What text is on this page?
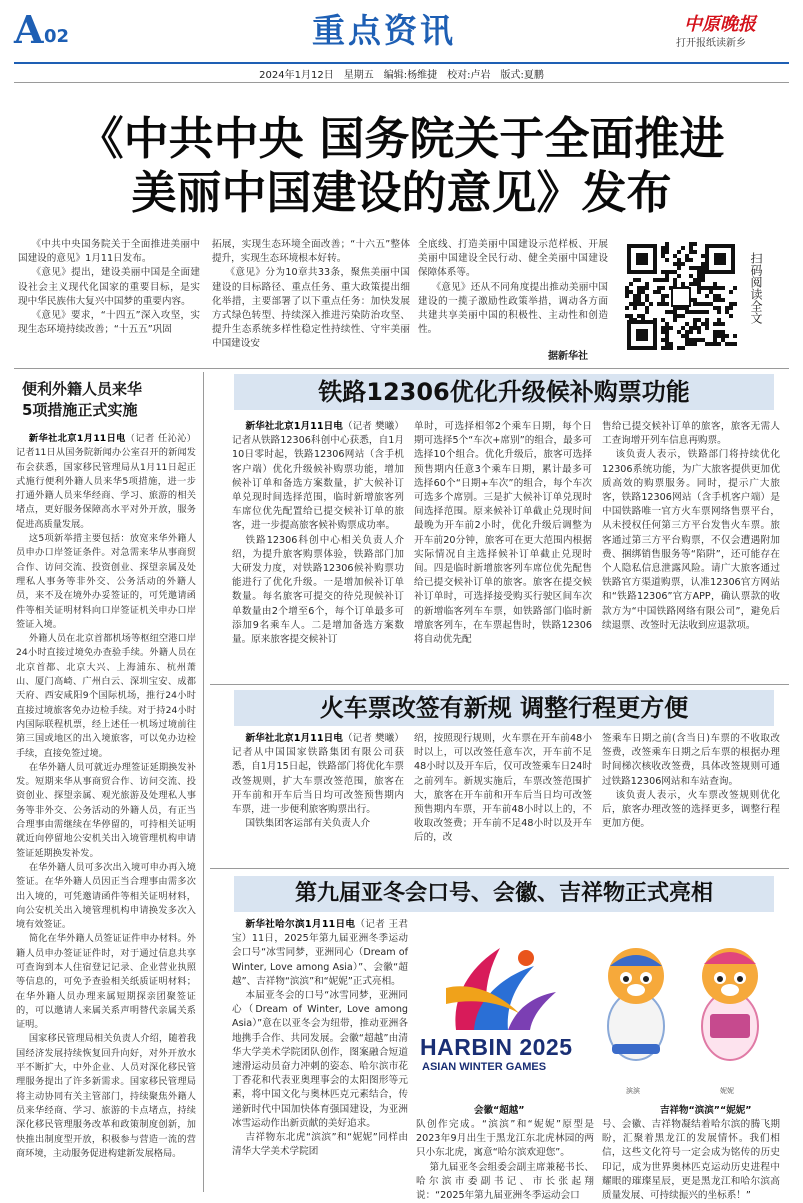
A 02	重点资讯	中原晚报
打开报纸读新乡
2024年1月12日　星期五　编辑:杨维捷　校对:卢岩　版式:夏鹏
《中共中央 国务院关于全面推进
美丽中国建设的意见》发布

《中共中央国务院关于全面推进美丽中国建设的意见》1月11日发布。

《意见》提出，建设美丽中国是全面建设社会主义现代化国家的重要目标，是实现中华民族伟大复兴中国梦的重要内容。

《意见》要求，“十四五”深入攻坚，实现生态环境持续改善；“十五五”巩固

拓展，实现生态环境全面改善；“十六五”整体提升，实现生态环境根本好转。

《意见》分为10章共33条，聚焦美丽中国建设的目标路径、重点任务、重大政策提出细化举措，主要部署了以下重点任务：加快发展方式绿色转型、持续深入推进污染防治攻坚、提升生态系统多样性稳定性持续性、守牢美丽中国建设安

全底线、打造美丽中国建设示范样板、开展美丽中国建设全民行动、健全美丽中国建设保障体系等。

《意见》还从不同角度提出推动美丽中国建设的一揽子激励性政策举措，调动各方面共建共享美丽中国的积极性、主动性和创造性。

据新华社
扫码阅读全文
便利外籍人员来华
5项措施正式实施

新华社北京1月11日电（记者 任沁沁）记者11日从国务院新闻办公室召开的新闻发布会获悉，国家移民管理局从1月11日起正式施行便利外籍人员来华5项措施，进一步打通外籍人员来华经商、学习、旅游的相关堵点，更好服务保障高水平对外开放，服务促进高质量发展。

这5项新举措主要包括：放宽来华外籍人员申办口岸签证条件。对急需来华从事商贸合作、访问交流、投资创业、探望亲属及处理私人事务等非外交、公务活动的外籍人员，来不及在境外办妥签证的，可凭邀请函件等相关证明材料向口岸签证机关申办口岸签证入境。

外籍人员在北京首都机场等枢纽空港口岸24小时直接过境免办查验手续。外籍人员在北京首都、北京大兴、上海浦东、杭州萧山、厦门高崎、广州白云、深圳宝安、成都天府、西安咸阳9个国际机场，推行24小时直接过境旅客免办边检手续。对于持24小时内国际联程机票，经上述任一机场过境前往第三国或地区的出入境旅客，可以免办边检手续，直接免签过境。

在华外籍人员可就近办理签证延期换发补发。短期来华从事商贸合作、访问交流、投资创业、探望亲属、观光旅游及处理私人事务等非外交、公务活动的外籍人员，有正当合理事由需继续在华停留的，可持相关证明就近向停留地公安机关出入境管理机构申请签证延期换发补发。

在华外籍人员可多次出入境可申办再入境签证。在华外籍人员因正当合理事由需多次出入境的，可凭邀请函件等相关证明材料，向公安机关出入境管理机构申请换发多次入境有效签证。

简化在华外籍人员签证证件申办材料。外籍人员申办签证证件时，对于通过信息共享可查询到本人住宿登记记录、企业营业执照等信息的，可免予查验相关纸质证明材料；在华外籍人员办理来属短期探亲团聚签证的，可以邀请人来属关系声明替代亲属关系证明。

国家移民管理局相关负责人介绍，随着我国经济发展持续恢复回升向好，对外开放水平不断扩大，中外企业、人员对深化移民管理服务提出了许多新需求。国家移民管理局将主动协同有关主管部门，持续聚焦外籍人员来华经商、学习、旅游的卡点堵点，持续深化移民管理服务改革和政策制度创新，加快推出制度型开放，积极参与营造一流的营商环境，主动服务促进构建新发展格局。

铁路12306优化升级候补购票功能

新华社北京1月11日电（记者 樊曦）记者从铁路12306科创中心获悉，自1月10日零时起，铁路12306网站（含手机客户端）优化升级候补购票功能，增加候补订单和备选方案数量，扩大候补订单兑现时间选择范围，临时新增旅客列车席位优先配置给已提交候补订单的旅客，进一步提高旅客候补购票成功率。

铁路12306科创中心相关负责人介绍，为提升旅客购票体验，铁路部门加大研发力度，对铁路12306候补购票功能进行了优化升级。一是增加候补订单数量。每名旅客可提交的待兑现候补订单数量由2个增至6个，每个订单最多可添加9名乘车人。二是增加备选方案数量。原来旅客提交候补订

单时，可选择相邻2个乘车日期，每个日期可选择5个“车次+席别”的组合，最多可选择10个组合。优化升级后，旅客可选择预售期内任意3个乘车日期，累计最多可选择60个“日期+车次”的组合，每个车次可选多个席别。三是扩大候补订单兑现时间选择范围。原来候补订单截止兑现时间最晚为开车前2小时，优化升级后调整为开车前20分钟，旅客可在更大范围内根据实际情况自主选择候补订单截止兑现时间。四是临时新增旅客列车席位优先配售给已提交候补订单的旅客。旅客在提交候补订单时，可选择接受购买行驶区间车次的新增临客列车车票，如铁路部门临时新增旅客列车，在车票起售时，铁路12306将自动优先配

售给已提交候补订单的旅客，旅客无需人工查询增开列车信息再购票。

该负责人表示，铁路部门将持续优化12306系统功能，为广大旅客提供更加优质高效的购票服务。同时，提示广大旅客，铁路12306网站（含手机客户端）是中国铁路唯一官方火车票网络售票平台，从未授权任何第三方平台发售火车票。旅客通过第三方平台购票，不仅会遭遇附加费、捆绑销售服务等“陷阱”，还可能存在个人隐私信息泄露风险。请广大旅客通过铁路官方渠道购票，认准12306官方网站和“铁路12306”官方APP，确认票款的收款方为“中国铁路网络有限公司”，避免后续退票、改签时无法收到应退款项。

火车票改签有新规 调整行程更方便

新华社北京1月11日电（记者 樊曦）记者从中国国家铁路集团有限公司获悉，自1月15日起，铁路部门将优化车票改签规则，扩大车票改签范围，旅客在开车前和开车后当日均可改签预售期内车票，进一步便利旅客购票出行。

国铁集团客运部有关负责人介

绍，按照现行规则，火车票在开车前48小时以上，可以改签任意车次，开车前不足48小时以及开车后，仅可改签乘车日24时之前列车。新规实施后，车票改签范围扩大，旅客在开车前和开车后当日均可改签预售期内车票，开车前48小时以上的，不收取改签费；开车前不足48小时以及开车后的，改

签乘车日期之前(含当日)车票的不收取改签费，改签乘车日期之后车票的根据办理时间梯次核收改签费，具体改签规则可通过铁路12306网站和车站查询。

该负责人表示，火车票改签规则优化后，旅客办理改签的选择更多，调整行程更加方便。

第九届亚冬会口号、会徽、吉祥物正式亮相

新华社哈尔滨1月11日电（记者 王君宝）11日，2025年第九届亚洲冬季运动会口号“冰雪同梦，亚洲同心（Dream of Winter, Love among Asia）”、会徽“超越”、吉祥物“滨滨”和“妮妮”正式亮相。

本届亚冬会的口号“冰雪同梦，亚洲同心（Dream of Winter, Love among Asia）”意在以亚冬会为纽带，推动亚洲各地携手合作、共同发展。会徽“超越”由清华大学美术学院团队创作，图案融合短道速滑运动员奋力冲刺的姿态、哈尔滨市花丁香花和代表亚奥理事会的太阳图形等元素，将中国文化与奥林匹克元素结合，传递新时代中国加快体育强国建设，为亚洲冰雪运动作出新贡献的美好追求。

吉祥物东北虎“滨滨”和“妮妮”同样由清华大学美术学院团

HARBIN 2025
ASIAN WINTER GAMES
会徽“超越”
滨滨	妮妮
吉祥物“滨滨”“妮妮”

队创作完成。“滨滨”和“妮妮”原型是2023年9月出生于黑龙江东北虎林园的两只小东北虎，寓意“哈尔滨欢迎您”。

第九届亚冬会组委会副主席兼秘书长、哈尔滨市委副书记、市长张起翔说：“2025年第九届亚洲冬季运动会口

号、会徽、吉祥物凝结着哈尔滨的腾飞期盼，汇聚着黑龙江的发展情怀。我们相信，这些文化符号一定会成为铭传的历史印记，成为世界奥林匹克运动历史进程中耀眼的璀璨星辰，更是黑龙江和哈尔滨高质量发展、可持续振兴的坐标系！”
